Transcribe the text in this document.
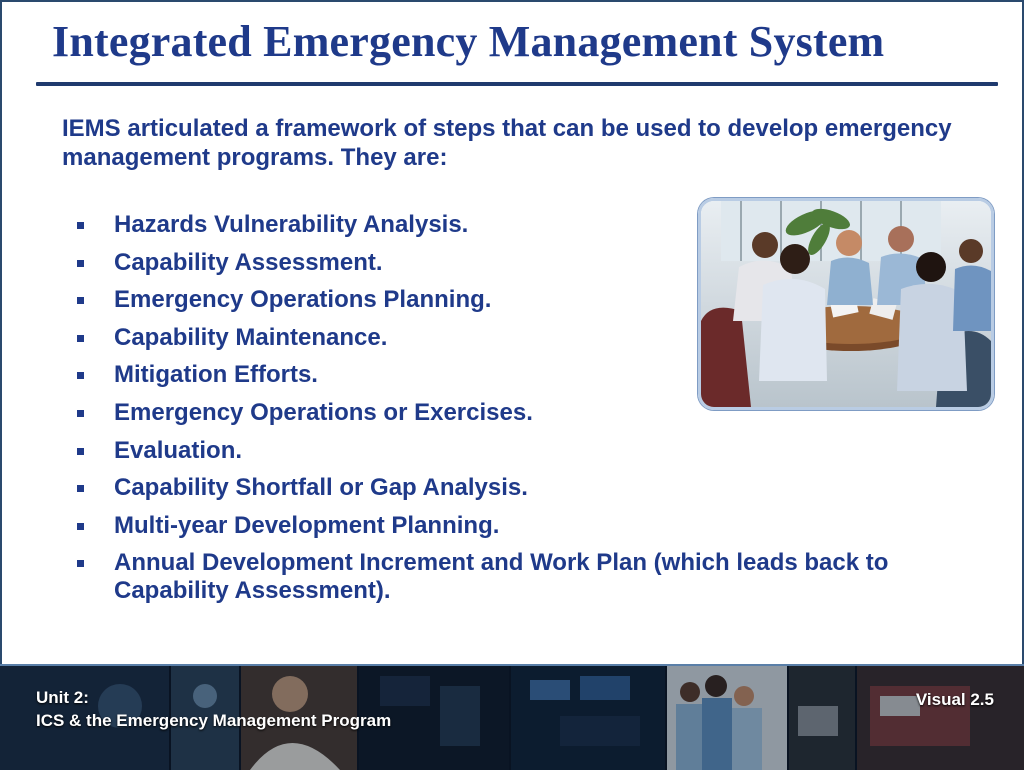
Integrated Emergency Management System
IEMS articulated a framework of steps that can be used to develop emergency management programs. They are:
Hazards Vulnerability Analysis.
Capability Assessment.
Emergency Operations Planning.
Capability Maintenance.
Mitigation Efforts.
Emergency Operations or Exercises.
Evaluation.
Capability Shortfall or Gap Analysis.
Multi-year Development Planning.
Annual Development Increment and Work Plan (which leads back to Capability Assessment).
Unit 2:
ICS & the Emergency Management Program
Visual 2.5
